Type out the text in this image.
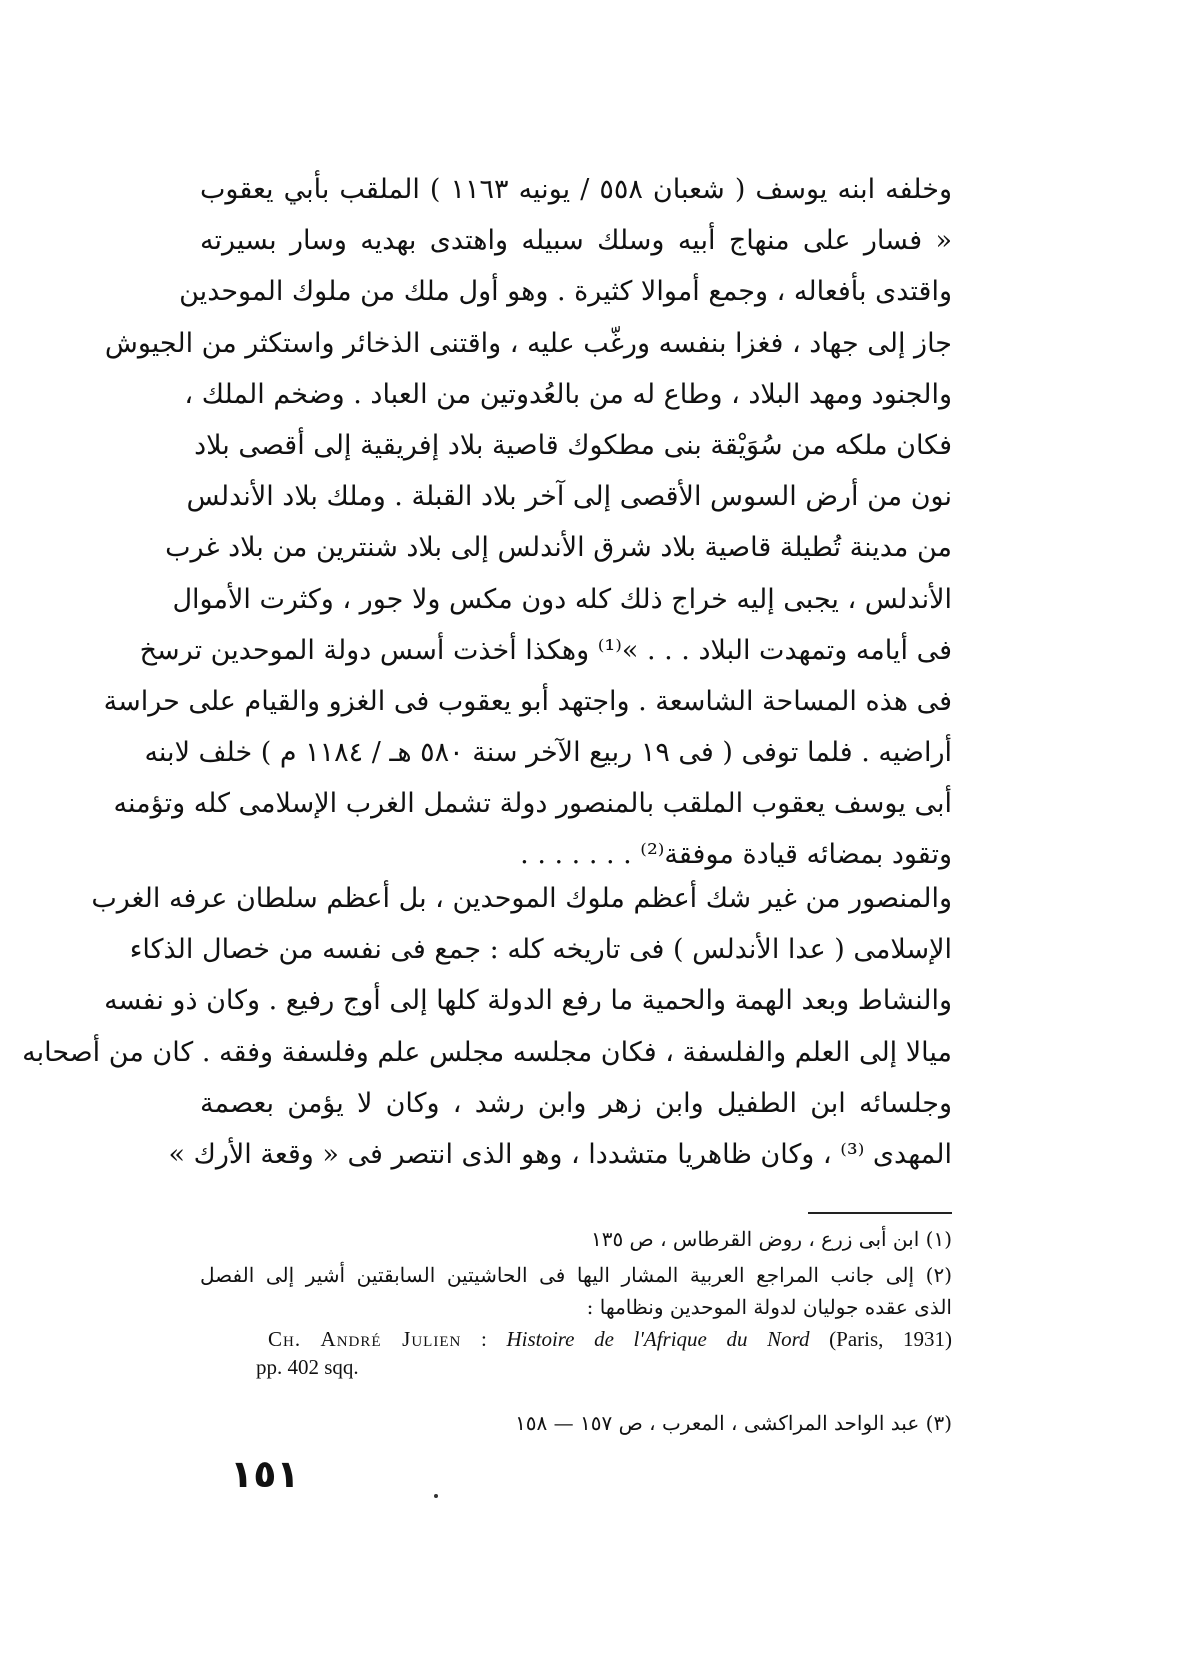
وخلفه ابنه يوسف ( شعبان ٥٥٨ / يونيه ١١٦٣ ) الملقب بأبي يعقوب
« فسار على منهاج أبيه وسلك سبيله واهتدى بهديه وسار بسيرته
واقتدى بأفعاله ، وجمع أموالا كثيرة . وهو أول ملك من ملوك الموحدين
جاز إلى جهاد ، فغزا بنفسه ورغّب عليه ، واقتنى الذخائر واستكثر من الجيوش
والجنود ومهد البلاد ، وطاع له من بالعُدوتين من العباد . وضخم الملك ،
فكان ملكه من سُوَيْقة بنى مطكوك قاصية بلاد إفريقية إلى أقصى بلاد
نون من أرض السوس الأقصى إلى آخر بلاد القبلة . وملك بلاد الأندلس
من مدينة تُطيلة قاصية بلاد شرق الأندلس إلى بلاد شنترين من بلاد غرب
الأندلس ، يجبى إليه خراج ذلك كله دون مكس ولا جور ، وكثرت الأموال
فى أيامه وتمهدت البلاد . . . »⁽¹⁾ وهكذا أخذت أسس دولة الموحدين ترسخ
فى هذه المساحة الشاسعة . واجتهد أبو يعقوب فى الغزو والقيام على حراسة
أراضيه . فلما توفى ( فى ١٩ ربيع الآخر سنة ٥٨٠ هـ / ١١٨٤ م ) خلف لابنه
أبى يوسف يعقوب الملقب بالمنصور دولة تشمل الغرب الإسلامى كله وتؤمنه
وتقود بمضائه قيادة موفقة⁽²⁾ . . . . . . .
والمنصور من غير شك أعظم ملوك الموحدين ، بل أعظم سلطان عرفه الغرب
الإسلامى ( عدا الأندلس ) فى تاريخه كله : جمع فى نفسه من خصال الذكاء
والنشاط وبعد الهمة والحمية ما رفع الدولة كلها إلى أوج رفيع . وكان ذو نفسه
ميالا إلى العلم والفلسفة ، فكان مجلسه مجلس علم وفلسفة وفقه . كان من أصحابه
وجلسائه ابن الطفيل وابن زهر وابن رشد ، وكان لا يؤمن بعصمة
المهدى ⁽³⁾ ، وكان ظاهريا متشددا ، وهو الذى انتصر فى « وقعة الأرك »
(١) ابن أبى زرع ، روض القرطاس ، ص ١٣٥
(٢) إلى جانب المراجع العربية المشار اليها فى الحاشيتين السابقتين أشير إلى الفصل
الذى عقده جوليان لدولة الموحدين ونظامها :
Ch. André Julien : Histoire de l'Afrique du Nord (Paris, 1931)
pp. 402 sqq.
(٣) عبد الواحد المراكشى ، المعرب ، ص ١٥٧ — ١٥٨
١٥١
